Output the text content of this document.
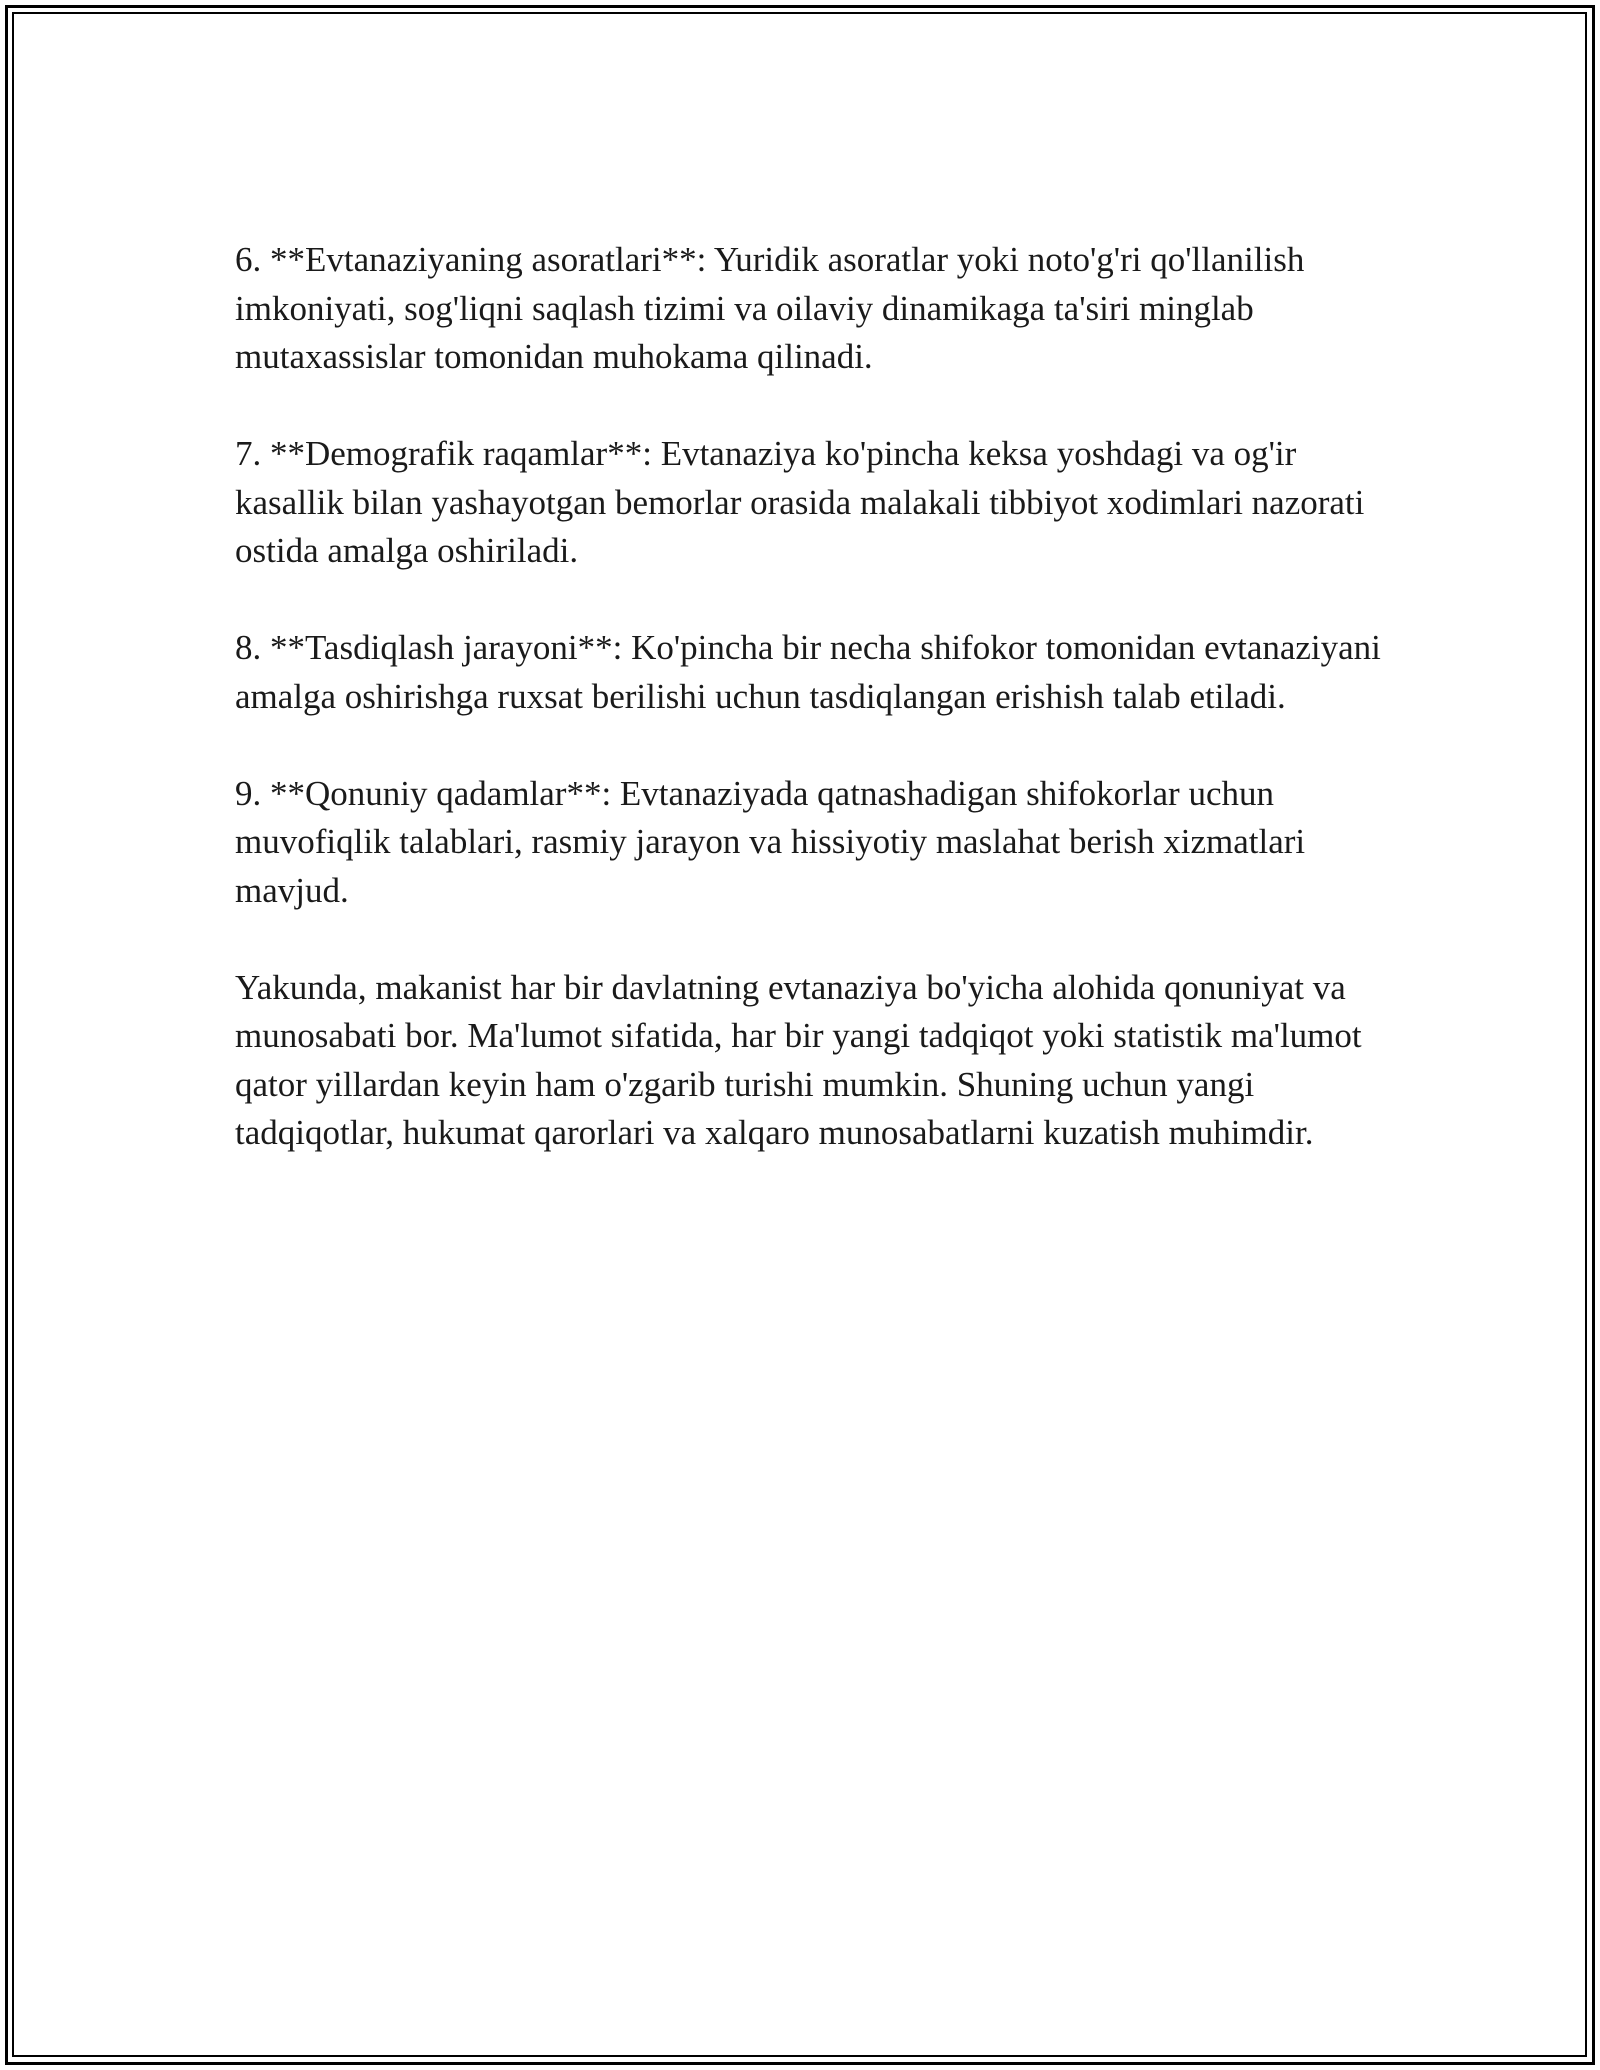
6. **Evtanaziyaning asoratlari**: Yuridik asoratlar yoki noto'g'ri qo'llanilish imkoniyati, sog'liqni saqlash tizimi va oilaviy dinamikaga ta'siri minglab mutaxassislar tomonidan muhokama qilinadi.

7. **Demografik raqamlar**: Evtanaziya ko'pincha keksa yoshdagi va og'ir kasallik bilan yashayotgan bemorlar orasida malakali tibbiyot xodimlari nazorati ostida amalga oshiriladi.

8. **Tasdiqlash jarayoni**: Ko'pincha bir necha shifokor tomonidan evtanaziyani amalga oshirishga ruxsat berilishi uchun tasdiqlangan erishish talab etiladi.

9. **Qonuniy qadamlar**: Evtanaziyada qatnashadigan shifokorlar uchun muvofiqlik talablari, rasmiy jarayon va hissiyotiy maslahat berish xizmatlari mavjud.

Yakunda, makanist har bir davlatning evtanaziya bo'yicha alohida qonuniyat va munosabati bor. Ma'lumot sifatida, har bir yangi tadqiqot yoki statistik ma'lumot qator yillardan keyin ham o'zgarib turishi mumkin. Shuning uchun yangi tadqiqotlar, hukumat qarorlari va xalqaro munosabatlarni kuzatish muhimdir.
